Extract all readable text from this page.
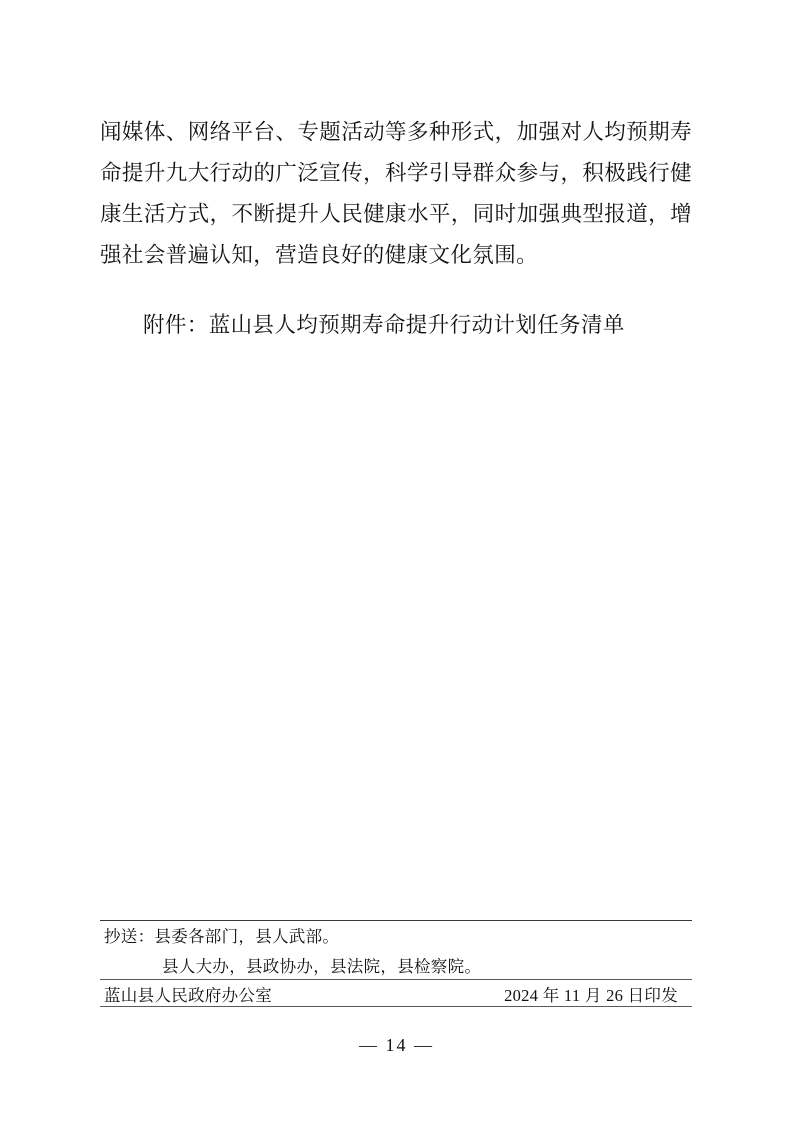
闻媒体、网络平台、专题活动等多种形式，加强对人均预期寿命提升九大行动的广泛宣传，科学引导群众参与，积极践行健康生活方式，不断提升人民健康水平，同时加强典型报道，增强社会普遍认知，营造良好的健康文化氛围。

附件：蓝山县人均预期寿命提升行动计划任务清单

抄送：县委各部门，县人武部。
县人大办，县政协办，县法院，县检察院。
蓝山县人民政府办公室	2024 年 11 月 26 日印发
— 14 —
